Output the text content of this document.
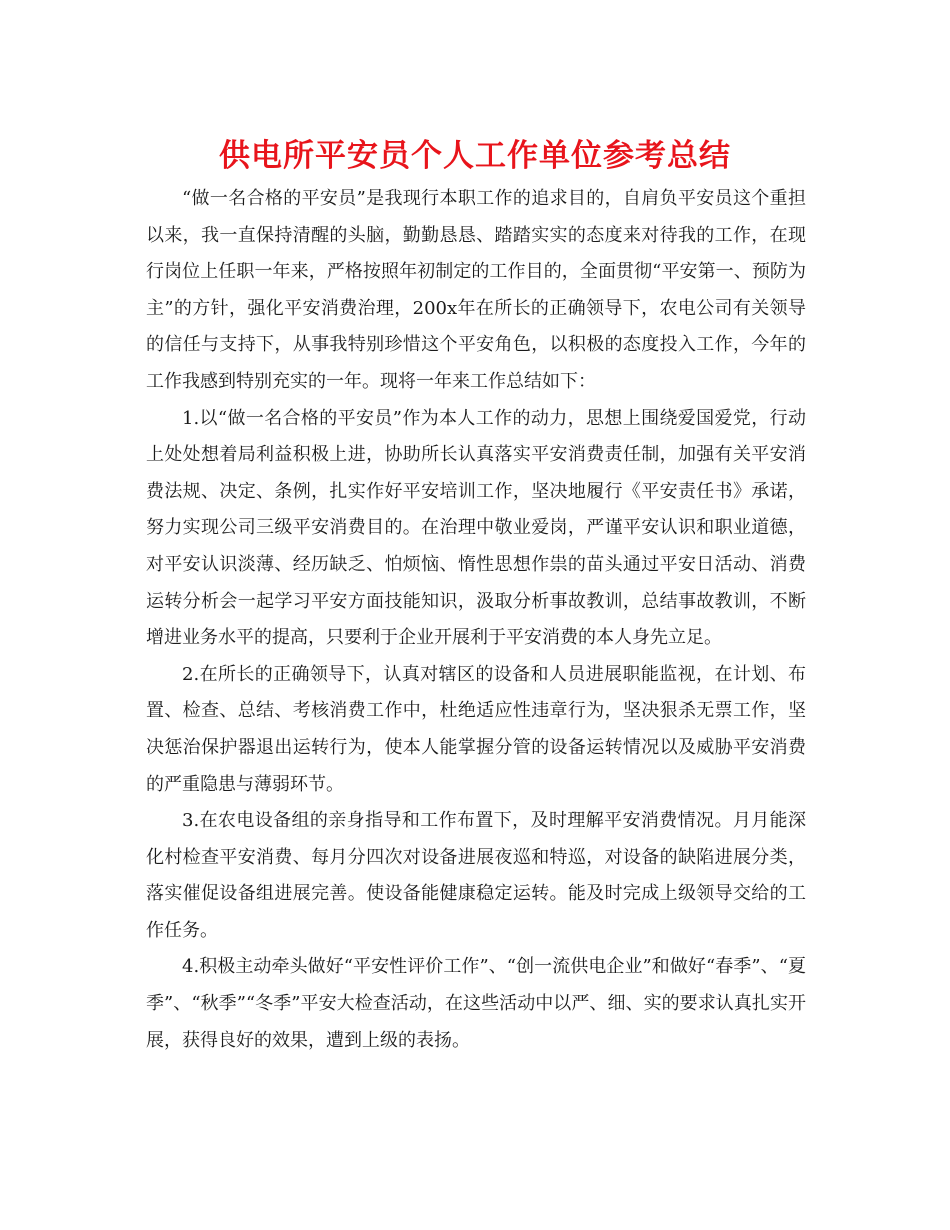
供电所平安员个人工作单位参考总结

“做一名合格的平安员”是我现行本职工作的追求目的，自肩负平安员这个重担以来，我一直保持清醒的头脑，勤勤恳恳、踏踏实实的态度来对待我的工作，在现行岗位上任职一年来，严格按照年初制定的工作目的，全面贯彻“平安第一、预防为主”的方针，强化平安消费治理，200x年在所长的正确领导下，农电公司有关领导的信任与支持下，从事我特别珍惜这个平安角色，以积极的态度投入工作，今年的工作我感到特别充实的一年。现将一年来工作总结如下：

1.以“做一名合格的平安员”作为本人工作的动力，思想上围绕爱国爱党，行动上处处想着局利益积极上进，协助所长认真落实平安消费责任制，加强有关平安消费法规、决定、条例，扎实作好平安培训工作，坚决地履行《平安责任书》承诺，努力实现公司三级平安消费目的。在治理中敬业爱岗，严谨平安认识和职业道德，对平安认识淡薄、经历缺乏、怕烦恼、惰性思想作祟的苗头通过平安日活动、消费运转分析会一起学习平安方面技能知识，汲取分析事故教训，总结事故教训，不断增进业务水平的提高，只要利于企业开展利于平安消费的本人身先立足。

2.在所长的正确领导下，认真对辖区的设备和人员进展职能监视，在计划、布置、检查、总结、考核消费工作中，杜绝适应性违章行为，坚决狠杀无票工作，坚决惩治保护器退出运转行为，使本人能掌握分管的设备运转情况以及威胁平安消费的严重隐患与薄弱环节。

3.在农电设备组的亲身指导和工作布置下，及时理解平安消费情况。月月能深化村检查平安消费、每月分四次对设备进展夜巡和特巡，对设备的缺陷进展分类，落实催促设备组进展完善。使设备能健康稳定运转。能及时完成上级领导交给的工作任务。

4.积极主动牵头做好“平安性评价工作”、“创一流供电企业”和做好“春季”、“夏季”、“秋季”“冬季”平安大检查活动，在这些活动中以严、细、实的要求认真扎实开展，获得良好的效果，遭到上级的表扬。
